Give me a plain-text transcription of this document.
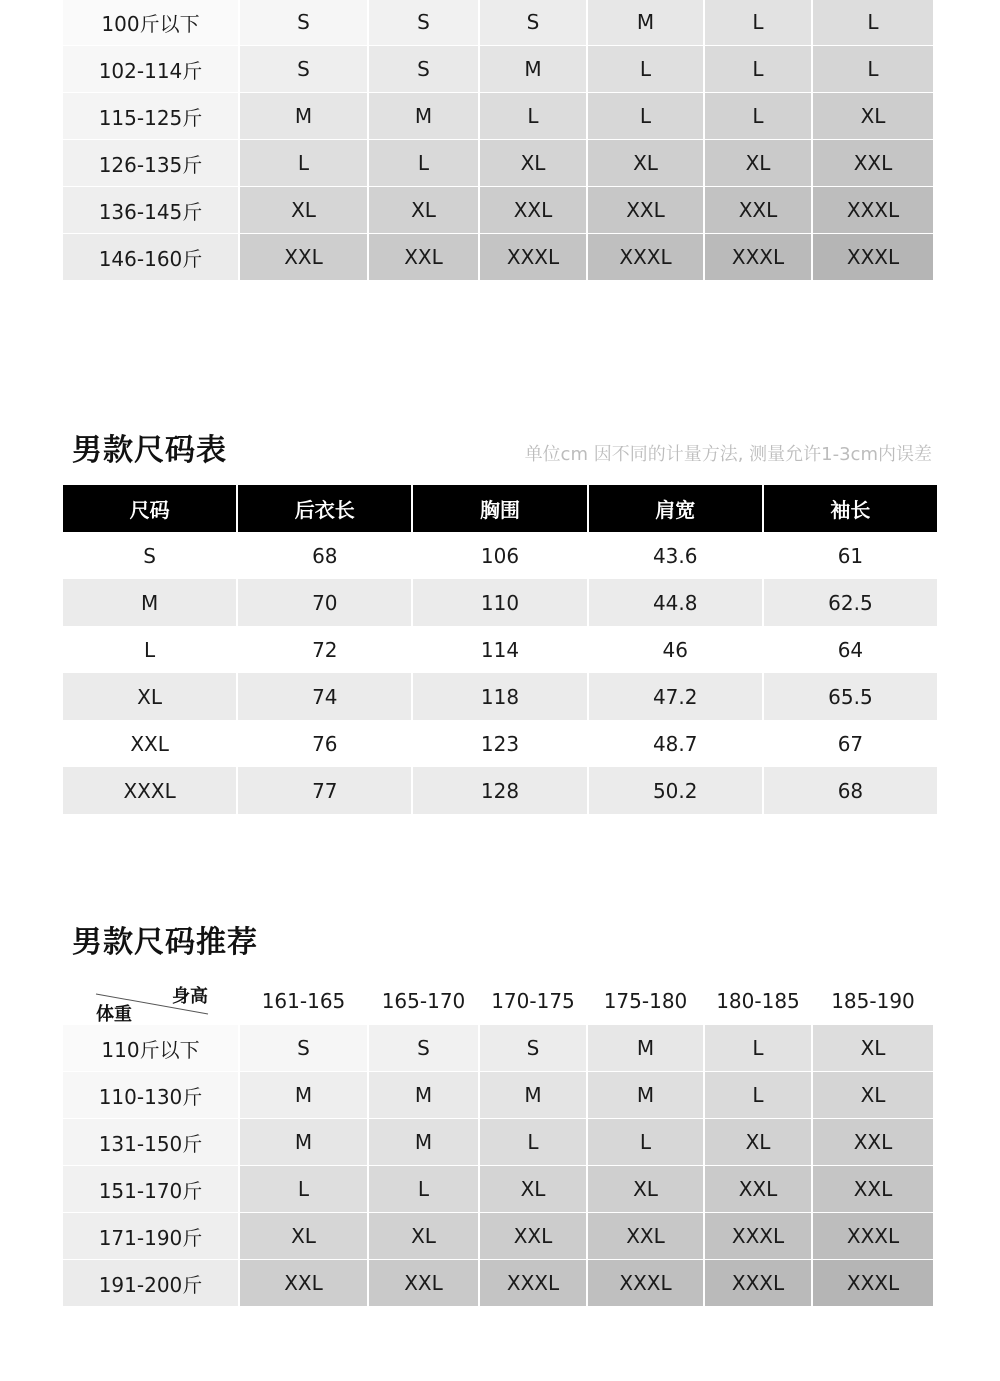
100斤以下	S	S	S	M	L	L
102-114斤	S	S	M	L	L	L
115-125斤	M	M	L	L	L	XL
126-135斤	L	L	XL	XL	XL	XXL
136-145斤	XL	XL	XXL	XXL	XXL	XXXL
146-160斤	XXL	XXL	XXXL	XXXL	XXXL	XXXL
男款尺码表	单位cm 因不同的计量方法, 测量允许1-3cm内误差
尺码	后衣长	胸围	肩宽	袖长
S	68	106	43.6	61
M	70	110	44.8	62.5
L	72	114	46	64
XL	74	118	47.2	65.5
XXL	76	123	48.7	67
XXXL	77	128	50.2	68
男款尺码推荐
身高
体重
161-165	165-170	170-175	175-180	180-185	185-190
110斤以下	S	S	S	M	L	XL
110-130斤	M	M	M	M	L	XL
131-150斤	M	M	L	L	XL	XXL
151-170斤	L	L	XL	XL	XXL	XXL
171-190斤	XL	XL	XXL	XXL	XXXL	XXXL
191-200斤	XXL	XXL	XXXL	XXXL	XXXL	XXXL
